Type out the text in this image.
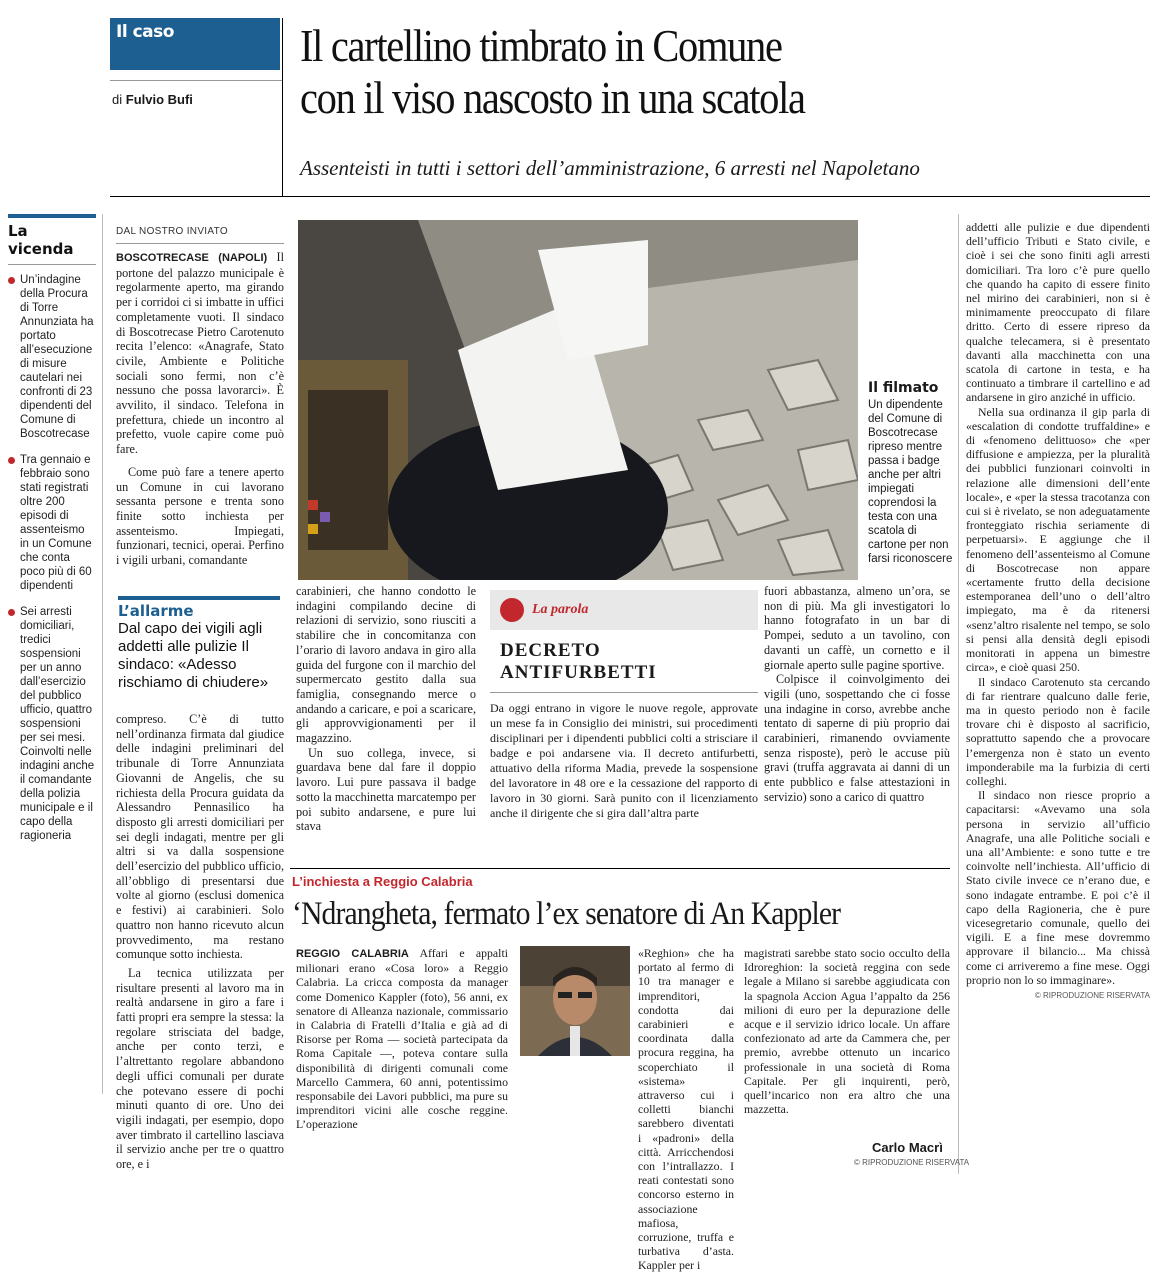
Il caso
di Fulvio Bufi
Il cartellino timbrato in Comune
con il viso nascosto in una scatola
Assenteisti in tutti i settori dell’amministrazione, 6 arresti nel Napoletano
La vicenda
Un’indagine della Procura di Torre Annunziata ha portato all’esecuzione di misure cautelari nei confronti di 23 dipendenti del Comune di Boscotrecase
Tra gennaio e febbraio sono stati registrati oltre 200 episodi di assenteismo in un Comune che conta poco più di 60 dipendenti
Sei arresti domiciliari, tredici sospensioni per un anno dall’esercizio del pubblico ufficio, quattro sospensioni per sei mesi. Coinvolti nelle indagini anche il comandante della polizia municipale e il capo della ragioneria
DAL NOSTRO INVIATO

BOSCOTRECASE (NAPOLI) Il portone del palazzo municipale è regolarmente aperto, ma girando per i corridoi ci si imbatte in uffici completamente vuoti. Il sindaco di Boscotrecase Pietro Carotenuto recita l’elenco: «Anagrafe, Stato civile, Ambiente e Politiche sociali sono fermi, non c’è nessuno che possa lavorarci». È avvilito, il sindaco. Telefona in prefettura, chiede un incontro al prefetto, vuole capire come può fare.

Come può fare a tenere aperto un Comune in cui lavorano sessanta persone e trenta sono finite sotto inchiesta per assenteismo. Impiegati, funzionari, tecnici, operai. Perfino i vigili urbani, comandante

L’allarme
Dal capo dei vigili agli addetti alle pulizie Il sindaco: «Adesso rischiamo di chiudere»

compreso. C’è di tutto nell’ordinanza firmata dal giudice delle indagini preliminari del tribunale di Torre Annunziata Giovanni de Angelis, che su richiesta della Procura guidata da Alessandro Pennasilico ha disposto gli arresti domiciliari per sei degli indagati, mentre per gli altri si va dalla sospensione dell’esercizio del pubblico ufficio, all’obbligo di presentarsi due volte al giorno (esclusi domenica e festivi) ai carabinieri. Solo quattro non hanno ricevuto alcun provvedimento, ma restano comunque sotto inchiesta.

La tecnica utilizzata per risultare presenti al lavoro ma in realtà andarsene in giro a fare i fatti propri era sempre la stessa: la regolare strisciata del badge, anche per conto terzi, e l’altrettanto regolare abbandono degli uffici comunali per durate che potevano essere di pochi minuti quanto di ore. Uno dei vigili indagati, per esempio, dopo aver timbrato il cartellino lasciava il servizio anche per tre o quattro ore, e i

Il filmato
Un dipendente del Comune di Boscotrecase ripreso mentre passa i badge anche per altri impiegati coprendosi la testa con una scatola di cartone per non farsi riconoscere

carabinieri, che hanno condotto le indagini compilando decine di relazioni di servizio, sono riusciti a stabilire che in concomitanza con l’orario di lavoro andava in giro alla guida del furgone con il marchio del supermercato gestito dalla sua famiglia, consegnando merce o andando a caricare, e poi a scaricare, gli approvvigionamenti per il magazzino.

Un suo collega, invece, si guardava bene dal fare il doppio lavoro. Lui pure passava il badge sotto la macchinetta marcatempo per poi subito andarsene, e pure lui stava

La parola
DECRETO ANTIFURBETTI
Da oggi entrano in vigore le nuove regole, approvate un mese fa in Consiglio dei ministri, sui procedimenti disciplinari per i dipendenti pubblici colti a strisciare il badge e poi andarsene via. Il decreto antifurbetti, attuativo della riforma Madia, prevede la sospensione del lavoratore in 48 ore e la cessazione del rapporto di lavoro in 30 giorni. Sarà punito con il licenziamento anche il dirigente che si gira dall’altra parte

fuori abbastanza, almeno un’ora, se non di più. Ma gli investigatori lo hanno fotografato in un bar di Pompei, seduto a un tavolino, con davanti un caffè, un cornetto e il giornale aperto sulle pagine sportive.

Colpisce il coinvolgimento dei vigili (uno, sospettando che ci fosse una indagine in corso, avrebbe anche tentato di saperne di più proprio dai carabinieri, rimanendo ovviamente senza risposte), però le accuse più gravi (truffa aggravata ai danni di un ente pubblico e false attestazioni in servizio) sono a carico di quattro

addetti alle pulizie e due dipendenti dell’ufficio Tributi e Stato civile, e cioè i sei che sono finiti agli arresti domiciliari. Tra loro c’è pure quello che quando ha capito di essere finito nel mirino dei carabinieri, non si è minimamente preoccupato di filare dritto. Certo di essere ripreso da qualche telecamera, si è presentato davanti alla macchinetta con una scatola di cartone in testa, e ha continuato a timbrare il cartellino e ad andarsene in giro anziché in ufficio.

Nella sua ordinanza il gip parla di «escalation di condotte truffaldine» e di «fenomeno delittuoso» che «per diffusione e ampiezza, per la pluralità dei pubblici funzionari coinvolti in relazione alle dimensioni dell’ente locale», e «per la stessa tracotanza con cui si è rivelato, se non adeguatamente fronteggiato rischia seriamente di perpetuarsi». E aggiunge che il fenomeno dell’assenteismo al Comune di Boscotrecase non appare «certamente frutto della decisione estemporanea dell’uno o dell’altro impiegato, ma è da ritenersi «senz’altro risalente nel tempo, se solo si pensi alla densità degli episodi monitorati in appena un bimestre circa», e cioè quasi 250.

Il sindaco Carotenuto sta cercando di far rientrare qualcuno dalle ferie, ma in questo periodo non è facile trovare chi è disposto al sacrificio, soprattutto sapendo che a provocare l’emergenza non è stato un evento imponderabile ma la furbizia di certi colleghi.

Il sindaco non riesce proprio a capacitarsi: «Avevamo una sola persona in servizio all’ufficio Anagrafe, una alle Politiche sociali e una all’Ambiente: e sono tutte e tre coinvolte nell’inchiesta. All’ufficio di Stato civile invece ce n’erano due, e sono indagate entrambe. E poi c’è il capo della Ragioneria, che è pure vicesegretario comunale, quello dei vigili. E a fine mese dovremmo approvare il bilancio... Ma chissà come ci arriveremo a fine mese. Oggi proprio non lo so immaginare».

© RIPRODUZIONE RISERVATA
L’inchiesta a Reggio Calabria
‘Ndrangheta, fermato l’ex senatore di An Kappler

REGGIO CALABRIA Affari e appalti milionari erano «Cosa loro» a Reggio Calabria. La cricca composta da manager come Domenico Kappler (foto), 56 anni, ex senatore di Alleanza nazionale, commissario in Calabria di Fratelli d’Italia e già ad di Risorse per Roma — società partecipata da Roma Capitale —, poteva contare sulla disponibilità di dirigenti comunali come Marcello Cammera, 60 anni, potentissimo responsabile dei Lavori pubblici, ma pure su imprenditori vicini alle cosche reggine. L’operazione

«Reghion» che ha portato al fermo di 10 tra manager e imprenditori, condotta dai carabinieri e coordinata dalla procura reggina, ha scoperchiato il «sistema» attraverso cui i colletti bianchi sarebbero diventati i «padroni» della città. Arricchendosi con l’intrallazzo. I reati contestati sono concorso esterno in associazione mafiosa, corruzione, truffa e turbativa d’asta. Kappler per i

magistrati sarebbe stato socio occulto della Idroreghion: la società reggina con sede legale a Milano si sarebbe aggiudicata con la spagnola Accion Agua l’appalto da 256 milioni di euro per la depurazione delle acque e il servizio idrico locale. Un affare confezionato ad arte da Cammera che, per premio, avrebbe ottenuto un incarico professionale in una società di Roma Capitale. Per gli inquirenti, però, quell’incarico non era altro che una mazzetta.

Carlo Macrì
© RIPRODUZIONE RISERVATA
